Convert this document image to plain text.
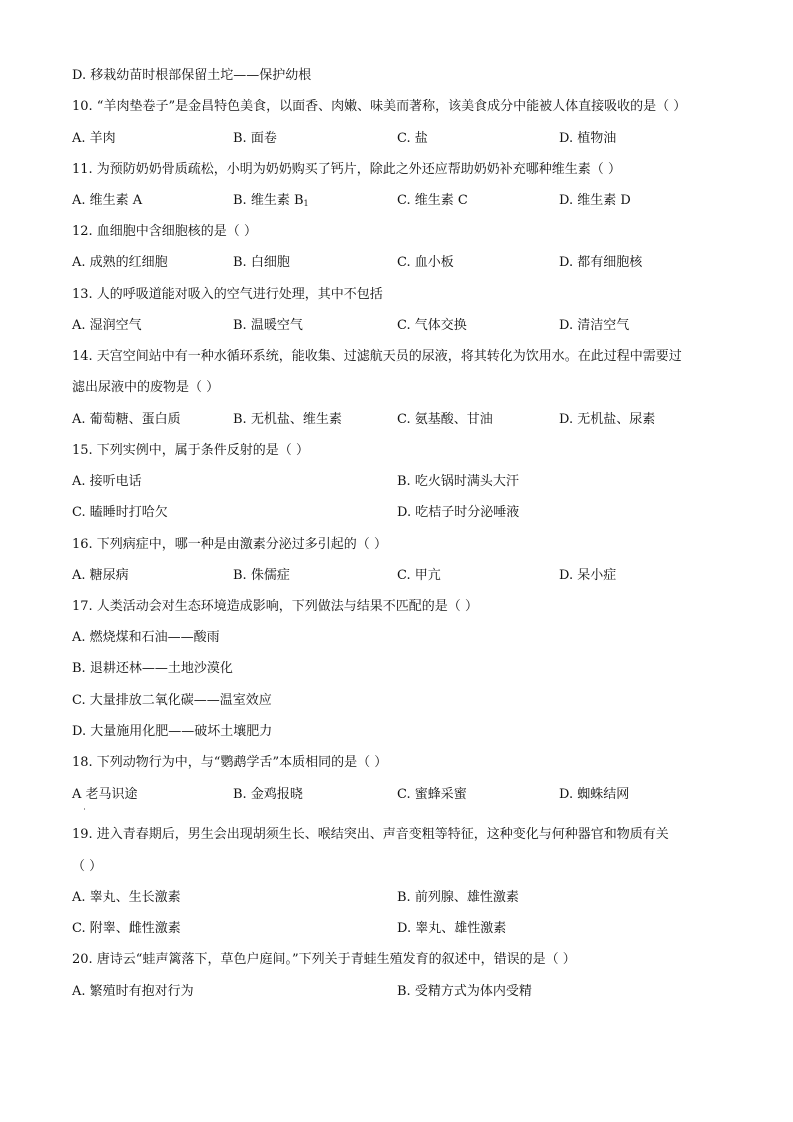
D. 移栽幼苗时根部保留土坨——保护幼根
10. “羊肉垫卷子”是金昌特色美食，以面香、肉嫩、味美而著称，该美食成分中能被人体直接吸收的是（ ）
A. 羊肉	B. 面卷	C. 盐	D. 植物油
11. 为预防奶奶骨质疏松，小明为奶奶购买了钙片，除此之外还应帮助奶奶补充哪种维生素（ ）
A. 维生素 A	B. 维生素 $B_1$	C. 维生素 C	D. 维生素 D
12. 血细胞中含细胞核的是（ ）
A. 成熟的红细胞	B. 白细胞	C. 血小板	D. 都有细胞核
13. 人的呼吸道能对吸入的空气进行处理，其中不包括
A. 湿润空气	B. 温暖空气	C. 气体交换	D. 清洁空气
14. 天宫空间站中有一种水循环系统，能收集、过滤航天员的尿液，将其转化为饮用水。在此过程中需要过
滤出尿液中的废物是（ ）
A. 葡萄糖、蛋白质	B. 无机盐、维生素	C. 氨基酸、甘油	D. 无机盐、尿素
15. 下列实例中，属于条件反射的是（ ）
A. 接听电话	B. 吃火锅时满头大汗
C. 瞌睡时打哈欠	D. 吃桔子时分泌唾液
16. 下列病症中，哪一种是由激素分泌过多引起的（ ）
A. 糖尿病	B. 侏儒症	C. 甲亢	D. 呆小症
17. 人类活动会对生态环境造成影响，下列做法与结果不匹配的是（ ）
A. 燃烧煤和石油——酸雨
B. 退耕还林——土地沙漠化
C. 大量排放二氧化碳——温室效应
D. 大量施用化肥——破坏土壤肥力
18. 下列动物行为中，与“鹦鹉学舌”本质相同的是（ ）
A 老马识途	B. 金鸡报晓	C. 蜜蜂采蜜	D. 蜘蛛结网
19. 进入青春期后，男生会出现胡须生长、喉结突出、声音变粗等特征，这种变化与何种器官和物质有关
（ ）
A. 睾丸、生长激素	B. 前列腺、雄性激素
C. 附睾、雌性激素	D. 睾丸、雄性激素
20. 唐诗云“蛙声篱落下，草色户庭间。”下列关于青蛙生殖发育的叙述中，错误的是（ ）
A. 繁殖时有抱对行为	B. 受精方式为体内受精
